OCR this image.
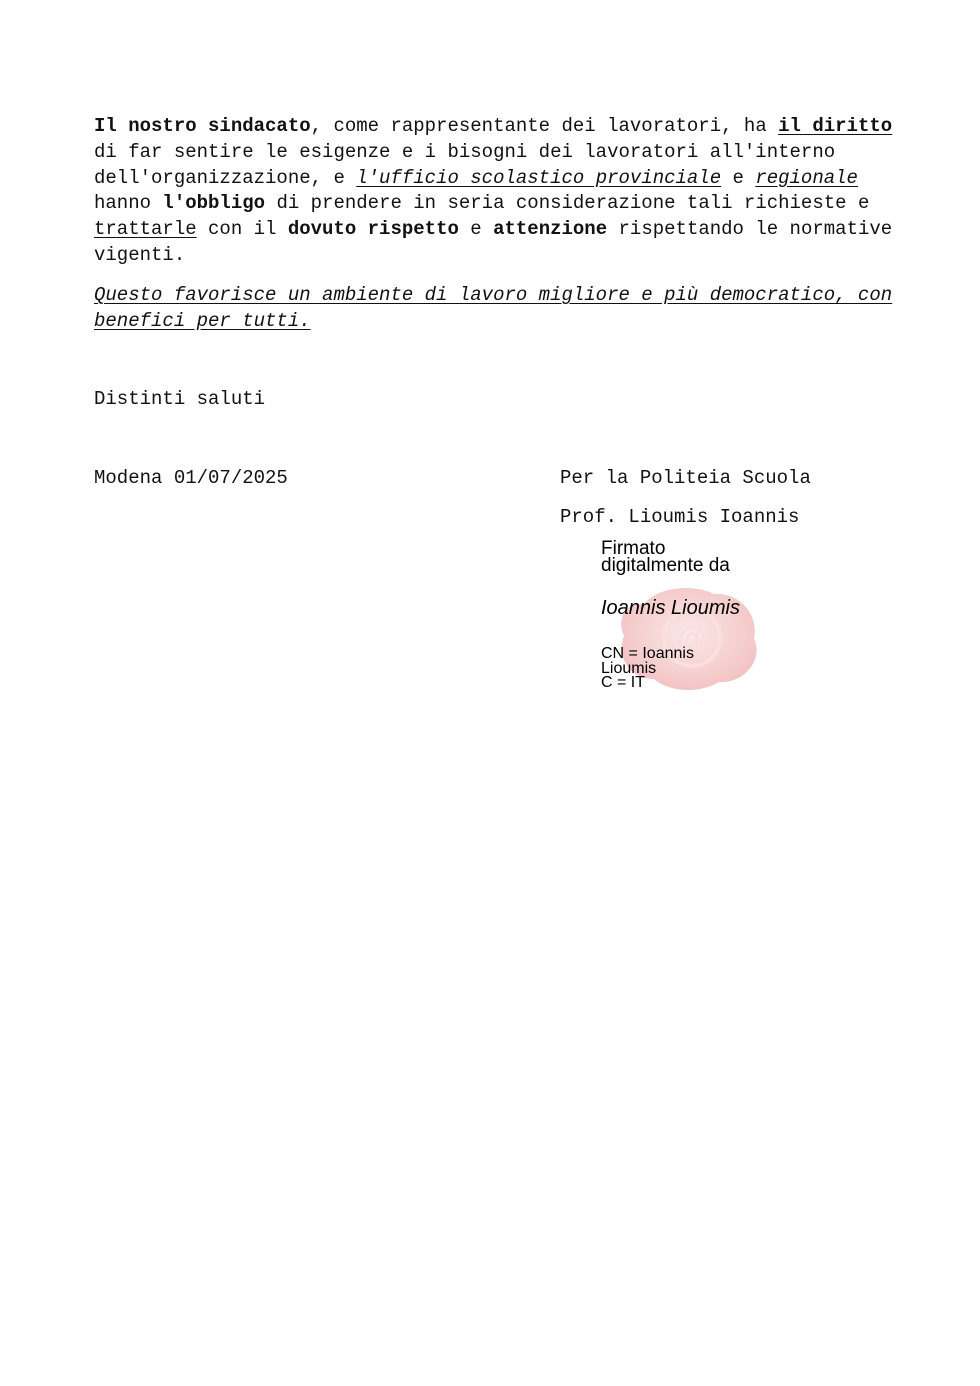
Il nostro sindacato, come rappresentante dei lavoratori, ha il diritto di far sentire le esigenze e i bisogni dei lavoratori all'interno dell'organizzazione, e l'ufficio scolastico provinciale e regionale hanno l'obbligo di prendere in seria considerazione tali richieste e trattarle con il dovuto rispetto e attenzione rispettando le normative vigenti.

Questo favorisce un ambiente di lavoro migliore e più democratico, con benefici per tutti.

Distinti saluti

Modena 01/07/2025	Per la Politeia Scuola

Prof. Lioumis Ioannis

@
Firmato
digitalmente da
Ioannis Lioumis
CN = Ioannis
Lioumis
C = IT
